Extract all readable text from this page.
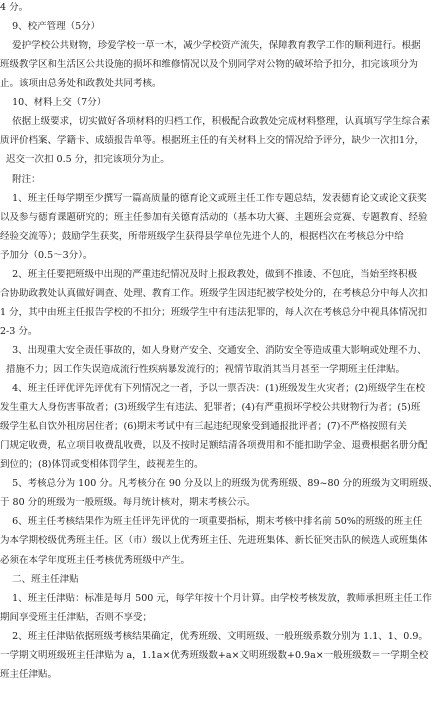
4 分。
9、校产管理（5分）
爱护学校公共财物，珍爱学校一草一木，减少学校资产流失，保障教育教学工作的顺利进行。根据
班级教学区和生活区公共设施的损坏和维修情况以及个别同学对公物的破坏给予扣分，扣完该项分为
止。该项由总务处和政教处共同考核。
10、材料上交（7分）
依据上级要求，切实做好各项材料的归档工作，积极配合政教处完成材料整理，认真填写学生综合素
质评价档案、学籍卡、成绩报告单等。根据班主任的有关材料上交的情况给予评分，缺少一次扣1分，
迟交一次扣 0.5 分，扣完该项分为止。
附注：
1、班主任每学期至少撰写一篇高质量的德育论文或班主任工作专题总结，发表德育论文或论文获奖
以及参与德育课题研究的；班主任参加有关德育活动的（基本功大赛、主题班会竞赛、专题教育、经验
经验交流等）；鼓励学生获奖，所带班级学生获得县学单位先进个人的，根据档次在考核总分中给
予加分（0.5～3分）。
2、班主任要把班级中出现的严重违纪情况及时上报政教处，做到不推诿、不包庇，当始至终积极
合协助政教处认真做好调查、处理、教育工作。班级学生因违纪被学校处分的，在考核总分中每人次扣
1 分，其中由班主任报告学校的不扣分；班级学生中有违法犯罪的，每人次在考核总分中视具体情况扣
2-3 分。
3、出现重大安全责任事故的，如人身财产安全、交通安全、消防安全等造成重大影响或处理不力、
措施不力；因工作失误造成流行性疾病暴发流行的；视情节取消其当月甚至一学期班主任津贴。
4、班主任评优评先评优有下列情况之一者，予以一票否决：(1)班级发生火灾者；(2)班级学生在校
发生重大人身伤害事故者；(3)班级学生有违法、犯罪者；(4)有严重损坏学校公共财物行为者；(5)班
级学生私自饮外租房居住者；(6)期末考试中有三起违纪现象受到通报批评者；(7)不严格按照有关
门规定收费，私立项目收费乱收费，以及不按时足额结清各项费用和不能扣助学金、退费根据名册分配
到位的；(8)体罚或变相体罚学生，歧视差生的。
5、考核总分为 100 分。凡考核分在 90 分及以上的班级为优秀班级、89~80 分的班级为文明班级、
于 80 分的班级为一般班级。每月统计核对，期末考核公示。
6、班主任考核结果作为班主任评先评优的一项重要指标，期末考核中排名前 50%的班级的班主任
为本学期校级优秀班主任。区（市）级以上优秀班主任、先进班集体、新长征突击队的候选人或班集体
必须在本学年度班主任考核优秀班级中产生。
二、班主任津贴
1、班主任津贴：标准是每月 500 元，每学年按十个月计算。由学校考核发放，教师承担班主任工作
期间享受班主任津贴，否则不享受；
2、班主任津贴依据班级考核结果确定，优秀班级、文明班级、一般班级系数分别为 1.1、1、0.9。
一学期文明班级班主任津贴为 a，1.1a×优秀班级数+a×文明班级数+0.9a×一般班级数＝一学期全校
班主任津贴。
